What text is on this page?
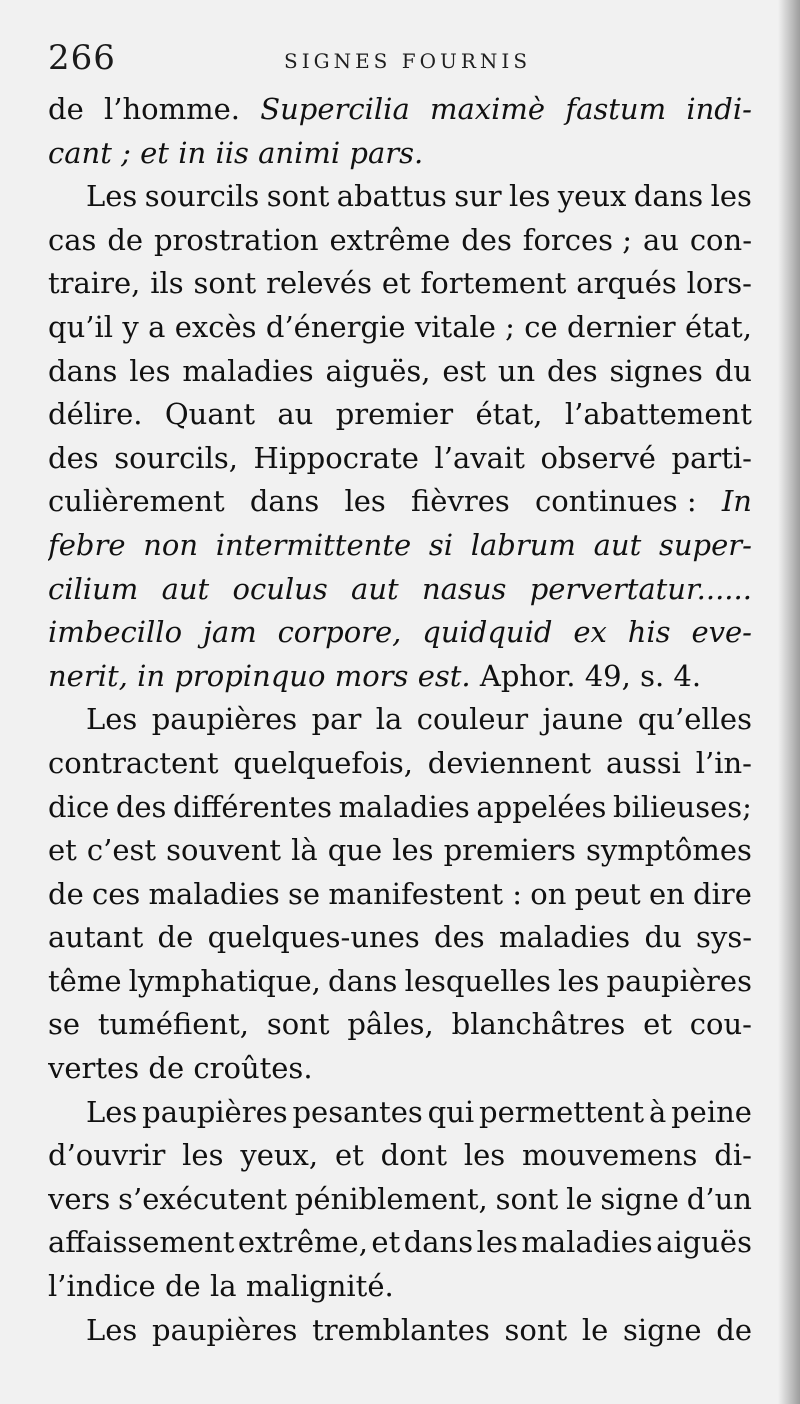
266	SIGNES FOURNIS
de l’homme. Supercilia maximè fastum indi-
cant ; et in iis animi pars.
Les sourcils sont abattus sur les yeux dans les
cas de prostration extrême des forces ; au con-
traire, ils sont relevés et fortement arqués lors-
qu’il y a excès d’énergie vitale ; ce dernier état,
dans les maladies aiguës, est un des signes du
délire. Quant au premier état, l’abattement
des sourcils, Hippocrate l’avait observé parti-
culièrement dans les fièvres continues : In
febre non intermittente si labrum aut super-
cilium aut oculus aut nasus pervertatur......
imbecillo jam corpore, quidquid ex his eve-
nerit, in propinquo mors est. Aphor. 49, s. 4.
Les paupières par la couleur jaune qu’elles
contractent quelquefois, deviennent aussi l’in-
dice des différentes maladies appelées bilieuses;
et c’est souvent là que les premiers symptômes
de ces maladies se manifestent : on peut en dire
autant de quelques-unes des maladies du sys-
tême lymphatique, dans lesquelles les paupières
se tuméfient, sont pâles, blanchâtres et cou-
vertes de croûtes.
Les paupières pesantes qui permettent à peine
d’ouvrir les yeux, et dont les mouvemens di-
vers s’exécutent péniblement, sont le signe d’un
affaissement extrême, et dans les maladies aiguës
l’indice de la malignité.
Les paupières tremblantes sont le signe de
